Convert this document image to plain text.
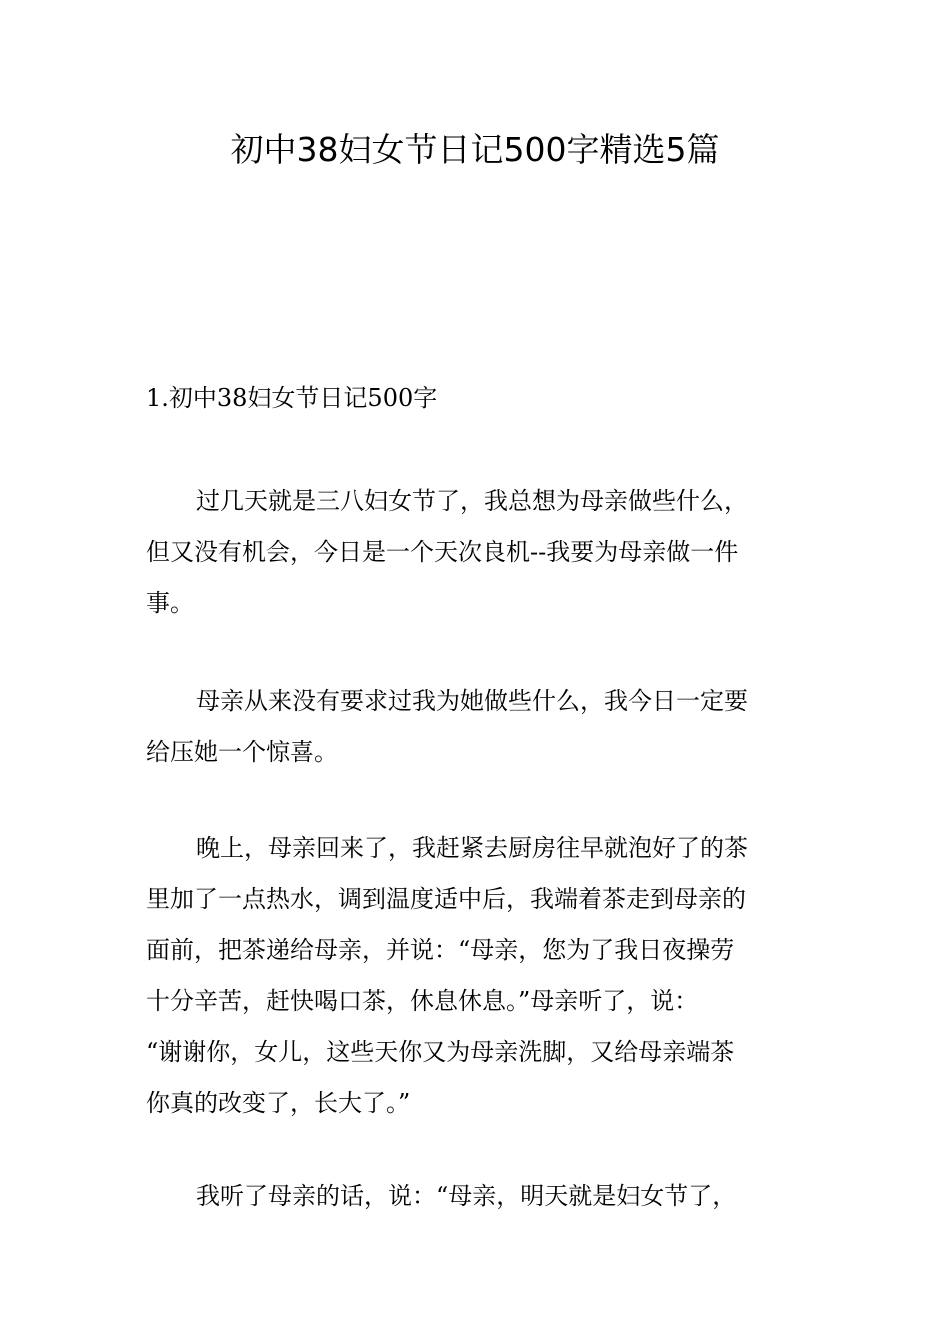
初中38妇女节日记500字精选5篇
1.初中38妇女节日记500字
过几天就是三八妇女节了，我总想为母亲做些什么，
但又没有机会，今日是一个天次良机--我要为母亲做一件
事。
母亲从来没有要求过我为她做些什么，我今日一定要
给压她一个惊喜。
晚上，母亲回来了，我赶紧去厨房往早就泡好了的茶
里加了一点热水，调到温度适中后，我端着茶走到母亲的
面前，把茶递给母亲，并说：“母亲，您为了我日夜操劳
十分辛苦，赶快喝口茶，休息休息。”母亲听了，说：
“谢谢你，女儿，这些天你又为母亲洗脚，又给母亲端茶
你真的改变了，长大了。”
我听了母亲的话，说：“母亲，明天就是妇女节了，
